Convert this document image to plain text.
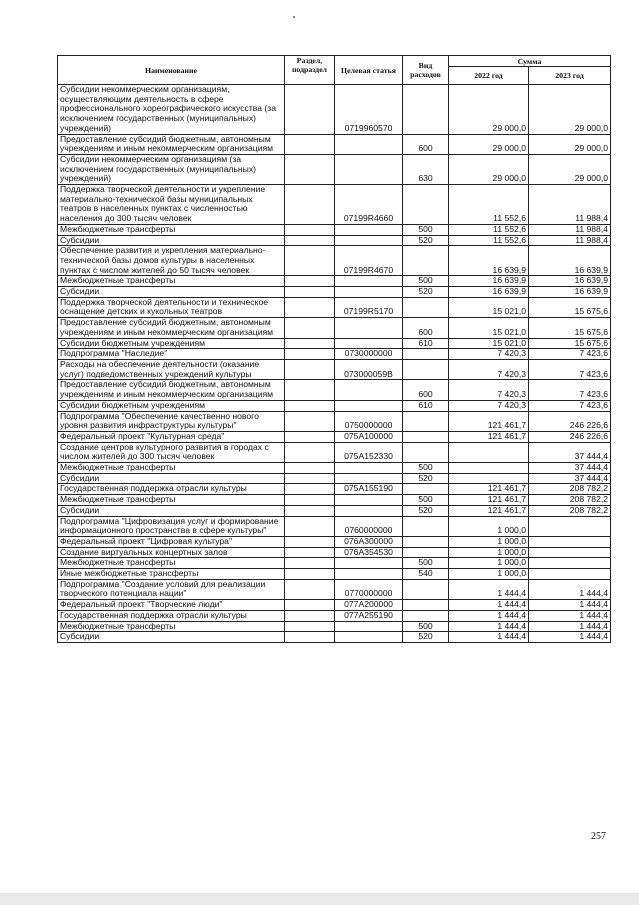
Наименование	Раздел, подраздел	Целевая статья	Вид расходов	Сумма	
				2022 год	2023 год
Субсидии некоммерческим организациям, осуществляющим деятельность в сфере профессионального хореографического искусства (за исключением государственных (муниципальных) учреждений)		0719960570		29 000,0	29 000,0
Предоставление субсидий бюджетным, автономным учреждениям и иным некоммерческим организациям			600	29 000,0	29 000,0
Субсидии некоммерческим организациям (за исключением государственных (муниципальных) учреждений)			630	29 000,0	29 000,0
Поддержка творческой деятельности и укрепление материально-технической базы муниципальных театров в населенных пунктах с численностью населения до 300 тысяч человек		07199R4660		11 552,6	11 988,4
Межбюджетные трансферты			500	11 552,6	11 988,4
Субсидии			520	11 552,6	11 988,4
Обеспечение развития и укрепления материально-технической базы домов культуры в населенных пунктах с числом жителей до 50 тысяч человек		07199R4670		16 639,9	16 639,9
Межбюджетные трансферты			500	16 639,9	16 639,9
Субсидии			520	16 639,9	16 639,9
Поддержка творческой деятельности и техническое оснащение детских и кукольных театров		07199R5170		15 021,0	15 675,6
Предоставление субсидий бюджетным, автономным учреждениям и иным некоммерческим организациям			600	15 021,0	15 675,6
Субсидии бюджетным учреждениям			610	15 021,0	15 675,6
Подпрограмма "Наследие"		0730000000		7 420,3	7 423,6
Расходы на обеспечение деятельности (оказание услуг) подведомственных учреждений культуры		073000059В		7 420,3	7 423,6
Предоставление субсидий бюджетным, автономным учреждениям и иным некоммерческим организациям			600	7 420,3	7 423,6
Субсидии бюджетным учреждениям			610	7 420,3	7 423,6
Подпрограмма "Обеспечение качественно нового уровня развития инфраструктуры культуры"		0750000000		121 461,7	246 226,6
Федеральный проект "Культурная среда"		075A100000		121 461,7	246 226,6
Создание центров культурного развития в городах с числом жителей до 300 тысяч человек		075A152330			37 444,4
Межбюджетные трансферты			500		37 444,4
Субсидии			520		37 444,4
Государственная поддержка отрасли культуры		075A155190		121 461,7	208 782,2
Межбюджетные трансферты			500	121 461,7	208 782,2
Субсидии			520	121 461,7	208 782,2
Подпрограмма "Цифровизация услуг и формирование информационного пространства в сфере культуры"		0760000000		1 000,0	
Федеральный проект "Цифровая культура"		076A300000		1 000,0	
Создание виртуальных концертных залов		076A354530		1 000,0	
Межбюджетные трансферты			500	1 000,0	
Иные межбюджетные трансферты			540	1 000,0	
Подпрограмма "Создание условий для реализации творческого потенциала нации"		0770000000		1 444,4	1 444,4
Федеральный проект "Творческие люди"		077A200000		1 444,4	1 444,4
Государственная поддержка отрасли культуры		077A255190		1 444,4	1 444,4
Межбюджетные трансферты			500	1 444,4	1 444,4
Субсидии			520	1 444,4	1 444,4
257
